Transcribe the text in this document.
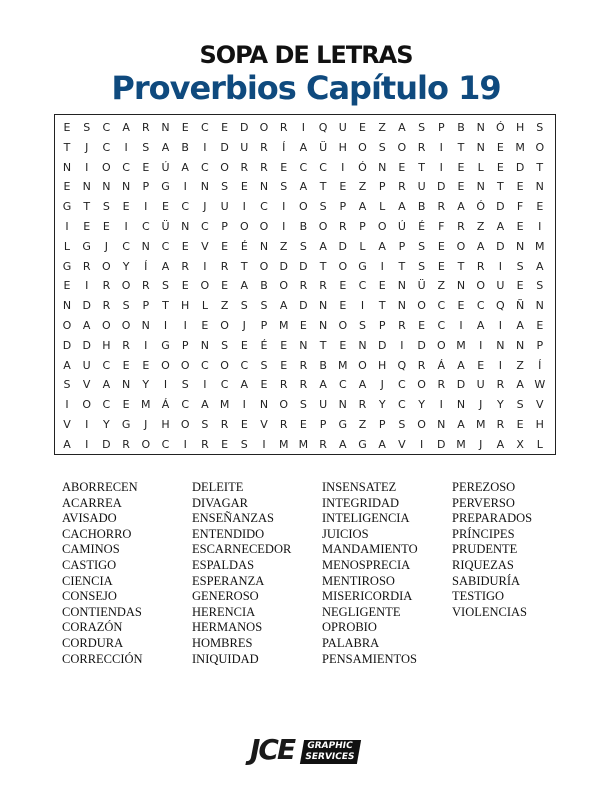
SOPA DE LETRAS
Proverbios Capítulo 19
E	S	C	A	R	N	E	C	E	D	O	R	I	Q	U	E	Z	A	S	P	B	N	Ó	H	S
T	J	C	I	S	A	B	I	D	U	R	Í	A	Ü	H	O	S	O	R	I	T	N	E	M O
N	I	O	C	E	Ú	A	C	O	R	R	E	C	C	I	Ó	N	E	T	I	E	L	E	D	T
E	N	N	N	P	G	I	N	S	E	N	S	A	T	E	Z	P	R	U	D	E	N	T	E	N
G	T	S	E	I	E	C	J	U	I	C	I	O	S	P	A	L	A	B	R	A	Ó	D	F	E
I	E	E	I	C	Ü	N	C	P	O	O	I	B	O	R	P	O	Ú	É	F	R	Z	A	E	I
L	G	J	C	N	C	E	V	E	É	N	Z	S	A	D	L	A	P	S	E	O	A	D	N M
G	R	O	Y	Í	A	R	I	R	T	O	D	D	T	O	G	I	T	S	E	T	R	I	S	A
E	I	R	O	R	S	E	O	E	A	B	O	R	R	E	C	E	N	Ü	Z	N	O	U	E	S
N	D	R	S	P	T	H	L	Z	S	S	A	D	N	E	I	T	N	O	C	E	C	Q	Ñ	N
O	A	O	O	N	I	I	E	O	J	P	M	E	N	O	S	P	R	E	C	I	A	I	A	E
D	D	H	R	I	G	P	N	S	E	É	E	N	T	E	N	D	I	D	O M	I	N	N	P
A	U	C	E	E	O	O	C	O	C	S	E	R	B	M O	H	Q	R	Á	A	E	I	Z	Í
S	V	A	N	Y	I	S	I	C	A	E	R	R	A	C	A	J	C	O	R	D	U	R	A W
I	O	C	E	M	Á	C	A	M	I	N	O	S	U	N	R	Y	C	Y	I	N	J	Y	S	V
V	I	Y	G	J	H	O	S	R	E	V	R	E	P	G	Z	P	S	O	N	A	M	R	E	H
A	I	D	R	O	C	I	R	E	S	I	M M	R	A	G	A	V	I	D M	J	A	X	L
ABORRECEN
ACARREA
AVISADO
CACHORRO
CAMINOS
CASTIGO
CIENCIA
CONSEJO
CONTIENDAS
CORAZÓN
CORDURA
CORRECCIÓN
DELEITE
DIVAGAR
ENSEÑANZAS
ENTENDIDO
ESCARNECEDOR
ESPALDAS
ESPERANZA
GENEROSO
HERENCIA
HERMANOS
HOMBRES
INIQUIDAD
INSENSATEZ
INTEGRIDAD
INTELIGENCIA
JUICIOS
MANDAMIENTO
MENOSPRECIA
MENTIROSO
MISERICORDIA
NEGLIGENTE
OPROBIO
PALABRA
PENSAMIENTOS
PEREZOSO
PERVERSO
PREPARADOS
PRÍNCIPES
PRUDENTE
RIQUEZAS
SABIDURÍA
TESTIGO
VIOLENCIAS
JCE GRAPHIC
SERVICES
